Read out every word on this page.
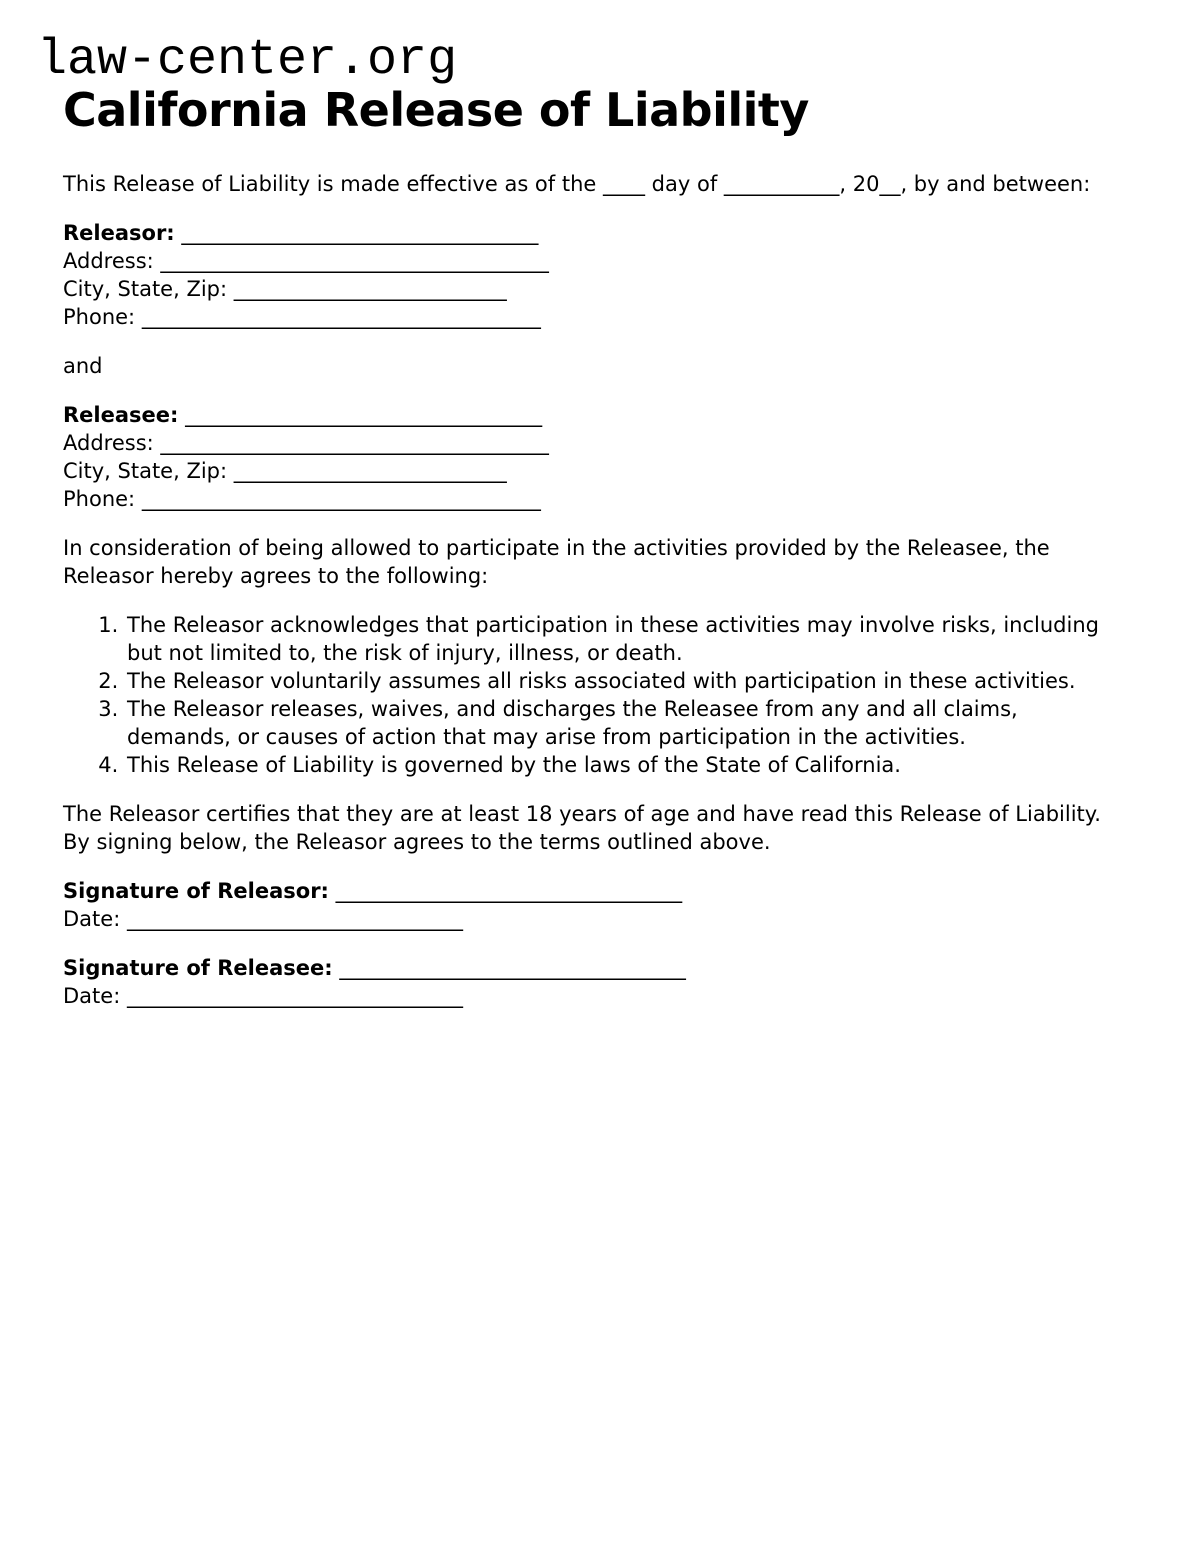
law-center.org
California Release of Liability

This Release of Liability is made effective as of the ____ day of ___________, 20__, by and between:

Releasor: __________________________________
Address: _____________________________________
City, State, Zip: __________________________
Phone: ______________________________________

and

Releasee: __________________________________
Address: _____________________________________
City, State, Zip: __________________________
Phone: ______________________________________

In consideration of being allowed to participate in the activities provided by the Releasee, the Releasor hereby agrees to the following:

1. The Releasor acknowledges that participation in these activities may involve risks, including but not limited to, the risk of injury, illness, or death.
2. The Releasor voluntarily assumes all risks associated with participation in these activities.
3. The Releasor releases, waives, and discharges the Releasee from any and all claims, demands, or causes of action that may arise from participation in the activities.
4. This Release of Liability is governed by the laws of the State of California.

The Releasor certifies that they are at least 18 years of age and have read this Release of Liability. By signing below, the Releasor agrees to the terms outlined above.

Signature of Releasor: _________________________________
Date: ________________________________
Signature of Releasee: _________________________________
Date: ________________________________
